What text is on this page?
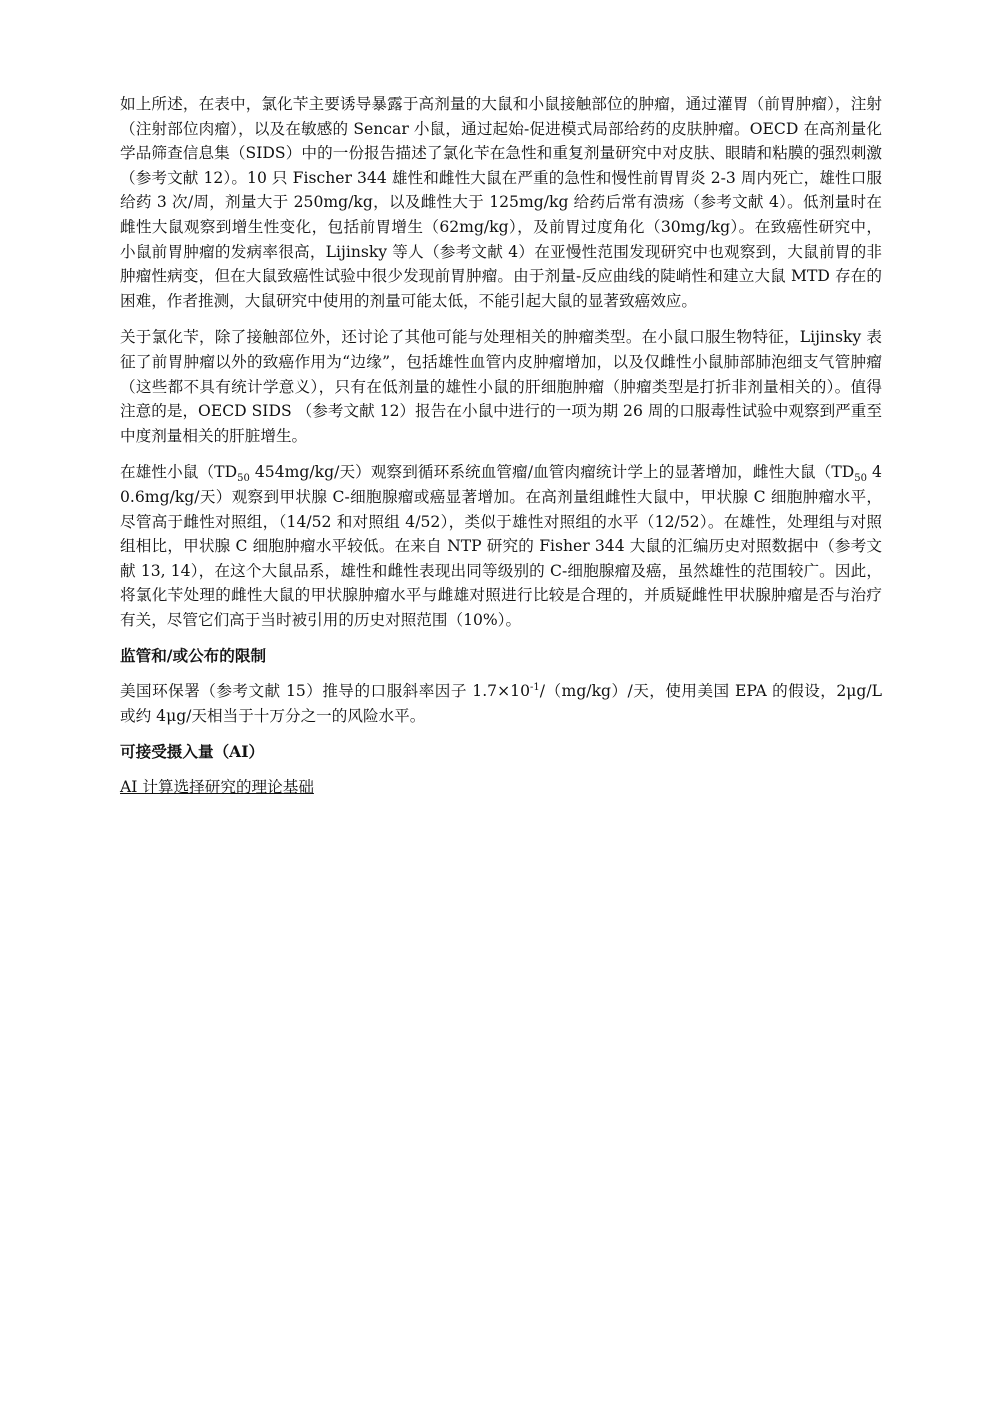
如上所述，在表中，氯化苄主要诱导暴露于高剂量的大鼠和小鼠接触部位的肿瘤，通过灌胃（前胃肿瘤），注射（注射部位肉瘤），以及在敏感的 Sencar 小鼠，通过起始-促进模式局部给药的皮肤肿瘤。OECD 在高剂量化学品筛查信息集（SIDS）中的一份报告描述了氯化苄在急性和重复剂量研究中对皮肤、眼睛和粘膜的强烈刺激（参考文献 12）。10 只 Fischer 344 雄性和雌性大鼠在严重的急性和慢性前胃胃炎 2-3 周内死亡，雄性口服给药 3 次/周，剂量大于 250mg/kg，以及雌性大于 125mg/kg 给药后常有溃疡（参考文献 4）。低剂量时在雌性大鼠观察到增生性变化，包括前胃增生（62mg/kg），及前胃过度角化（30mg/kg）。在致癌性研究中，小鼠前胃肿瘤的发病率很高，Lijinsky 等人（参考文献 4）在亚慢性范围发现研究中也观察到，大鼠前胃的非肿瘤性病变，但在大鼠致癌性试验中很少发现前胃肿瘤。由于剂量-反应曲线的陡峭性和建立大鼠 MTD 存在的困难，作者推测，大鼠研究中使用的剂量可能太低，不能引起大鼠的显著致癌效应。

关于氯化苄，除了接触部位外，还讨论了其他可能与处理相关的肿瘤类型。在小鼠口服生物特征，Lijinsky 表征了前胃肿瘤以外的致癌作用为“边缘”，包括雄性血管内皮肿瘤增加，以及仅雌性小鼠肺部肺泡细支气管肿瘤（这些都不具有统计学意义），只有在低剂量的雄性小鼠的肝细胞肿瘤（肿瘤类型是打折非剂量相关的）。值得注意的是，OECD SIDS （参考文献 12）报告在小鼠中进行的一项为期 26 周的口服毒性试验中观察到严重至中度剂量相关的肝脏增生。

在雄性小鼠（$TD_{50}$ 454mg/kg/天）观察到循环系统血管瘤/血管肉瘤统计学上的显著增加，雌性大鼠（$TD_{50}$ 40.6mg/kg/天）观察到甲状腺 C-细胞腺瘤或癌显著增加。在高剂量组雌性大鼠中，甲状腺 C 细胞肿瘤水平，尽管高于雌性对照组，（14/52 和对照组 4/52），类似于雄性对照组的水平（12/52）。在雄性，处理组与对照组相比，甲状腺 C 细胞肿瘤水平较低。在来自 NTP 研究的 Fisher 344 大鼠的汇编历史对照数据中（参考文献 13, 14），在这个大鼠品系，雄性和雌性表现出同等级别的 C-细胞腺瘤及癌，虽然雄性的范围较广。因此，将氯化苄处理的雌性大鼠的甲状腺肿瘤水平与雌雄对照进行比较是合理的，并质疑雌性甲状腺肿瘤是否与治疗有关，尽管它们高于当时被引用的历史对照范围（10%）。

监管和/或公布的限制

美国环保署（参考文献 15）推导的口服斜率因子 $1.7\times 10^{-1}/(mg/kg)/$天，使用美国 EPA 的假设，2μg/L 或约 4μg/天相当于十万分之一的风险水平。

可接受摄入量（AI）
AI 计算选择研究的理论基础
